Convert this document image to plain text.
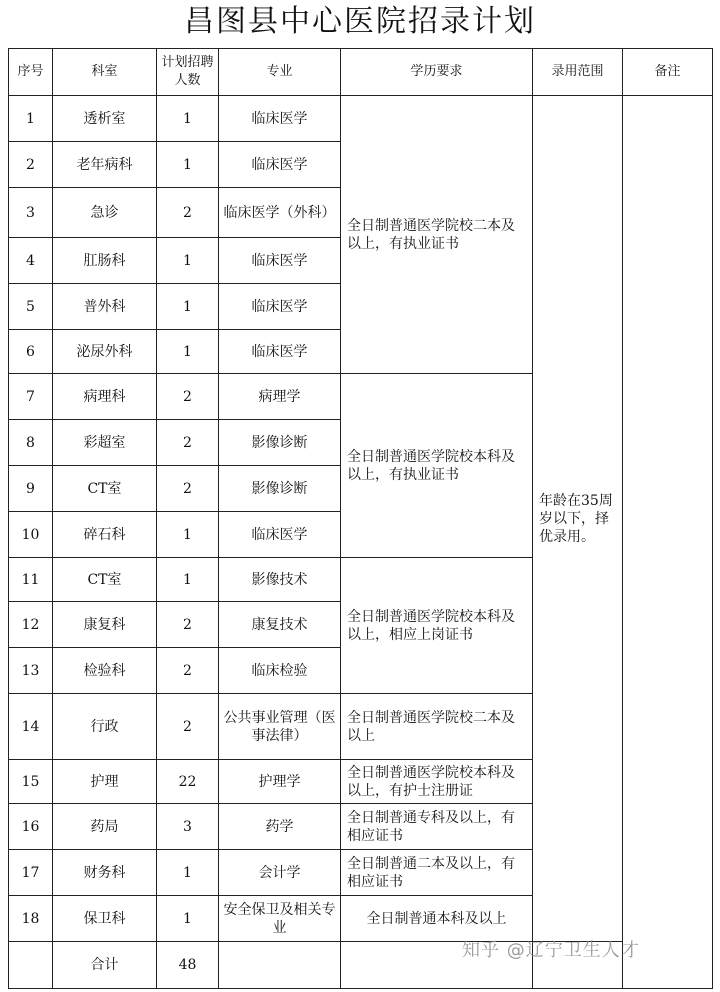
昌图县中心医院招录计划
序号	科室	计划招聘人数	专业	学历要求	录用范围	备注
1	透析室	1	临床医学	全日制普通医学院校二本及以上，有执业证书	年龄在35周岁以下，择优录用。	
2	老年病科	1	临床医学			
3	急诊	2	临床医学（外科）			
4	肛肠科	1	临床医学			
5	普外科	1	临床医学			
6	泌尿外科	1	临床医学			
7	病理科	2	病理学	全日制普通医学院校本科及以上，有执业证书		
8	彩超室	2	影像诊断			
9	CT室	2	影像诊断			
10	碎石科	1	临床医学			
11	CT室	1	影像技术	全日制普通医学院校本科及以上，相应上岗证书		
12	康复科	2	康复技术			
13	检验科	2	临床检验			
14	行政	2	公共事业管理（医事法律）	全日制普通医学院校二本及以上		
15	护理	22	护理学	全日制普通医学院校本科及以上，有护士注册证		
16	药局	3	药学	全日制普通专科及以上，有相应证书		
17	财务科	1	会计学	全日制普通二本及以上，有相应证书		
18	保卫科	1	安全保卫及相关专业	全日制普通本科及以上		
	合计	48				
知乎 @辽宁卫生人才
